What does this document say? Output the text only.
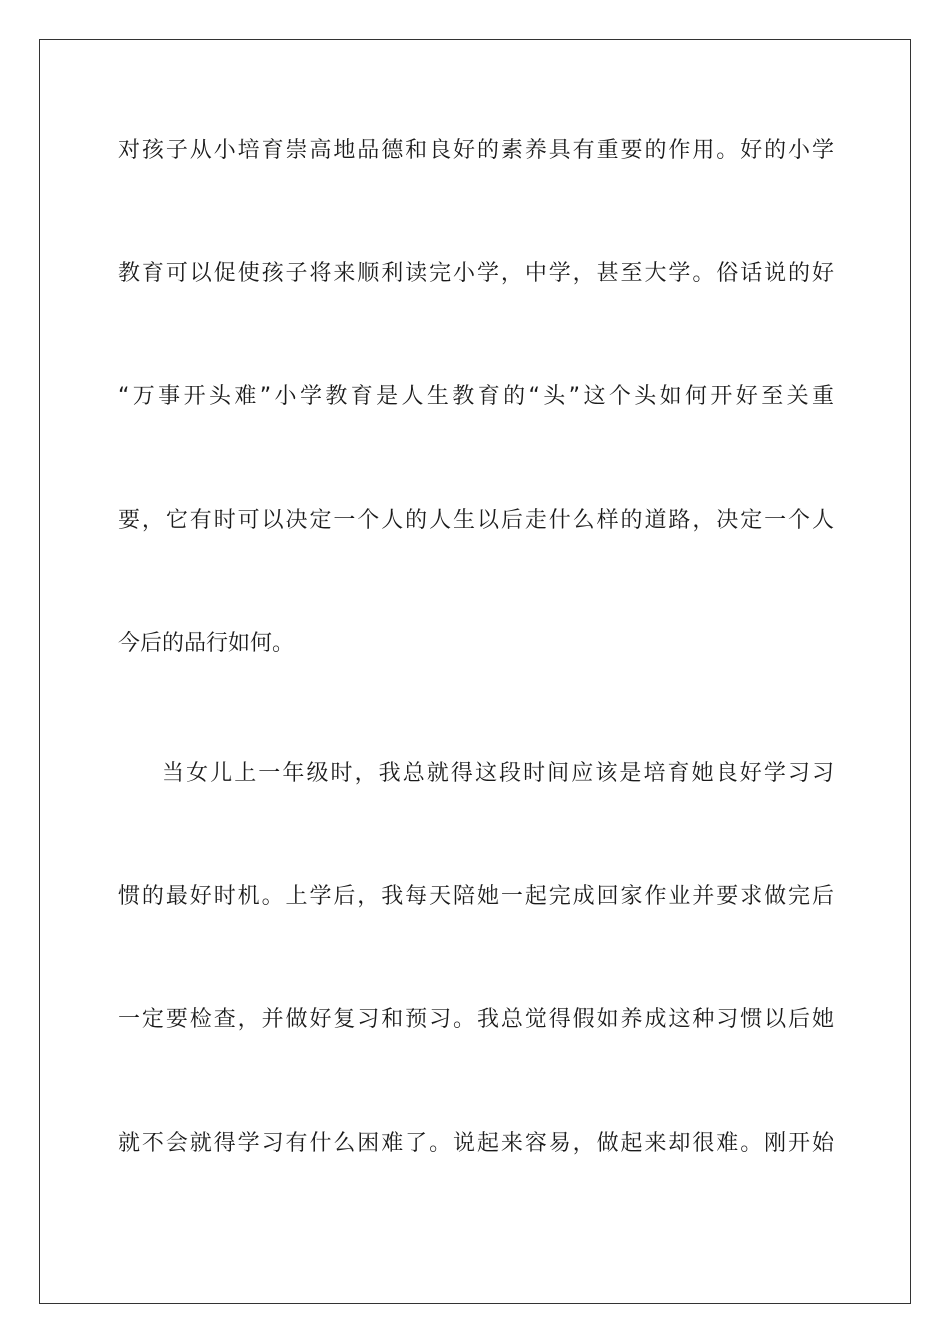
对孩子从小培育崇高地品德和良好的素养具有重要的作用。好的小学
教育可以促使孩子将来顺利读完小学，中学，甚至大学。俗话说的好
“万事开头难”小学教育是人生教育的“头”这个头如何开好至关重
要，它有时可以决定一个人的人生以后走什么样的道路，决定一个人
今后的品行如何。
当女儿上一年级时，我总就得这段时间应该是培育她良好学习习
惯的最好时机。上学后，我每天陪她一起完成回家作业并要求做完后
一定要检查，并做好复习和预习。我总觉得假如养成这种习惯以后她
就不会就得学习有什么困难了。说起来容易，做起来却很难。刚开始
